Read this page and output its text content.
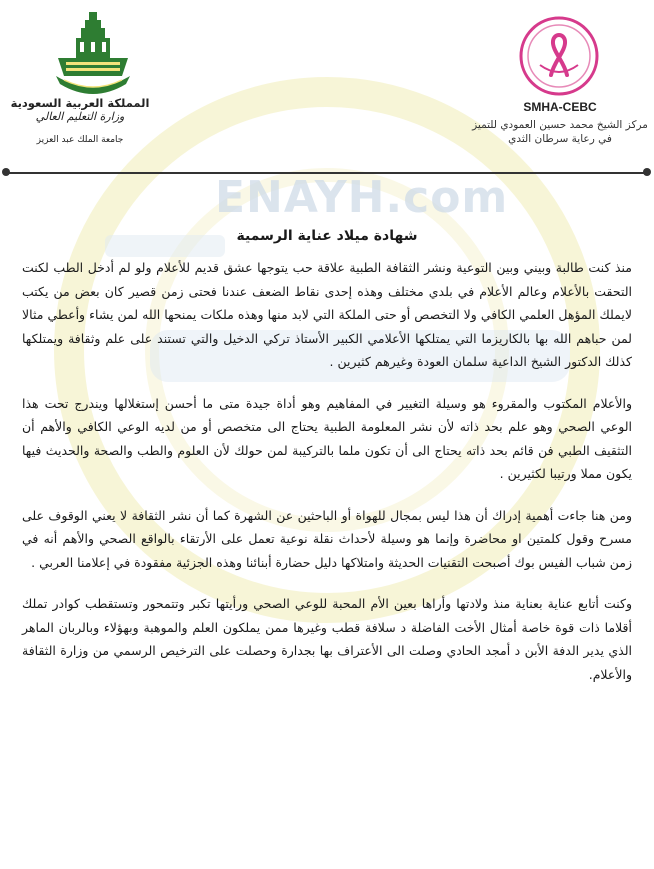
ENAYH.com
المملكة العربية السعودية
وزارة التعليم العالي
جامعة الملك عبد العزيز
SMHA-CEBC
مركز الشيخ محمد حسين العمودي للتميز
في رعاية سرطان الثدي
شهادة ميلاد عناية الرسمية

منذ كنت طالبة وبيني وبين التوعية ونشر الثقافة الطبية علاقة حب يتوجها عشق قديم للأعلام ولو لم أدخل الطب لكنت التحقت بالأعلام وعالم الأعلام في بلدي مختلف وهذه إحدى نقاط الضعف عندنا فحتى زمن قصير كان بعض من يكتب لايملك المؤهل العلمي الكافي ولا التخصص أو حتى الملكة التي لابد منها وهذه ملكات يمنحها الله لمن يشاء وأعطي مثالا لمن حباهم الله بها بالكاريزما التي يمتلكها الأعلامي الكبير الأستاذ تركي الدخيل والتي تستند على علم وثقافة ويمتلكها كذلك الدكتور الشيخ الداعية سلمان العودة وغيرهم كثيرين .

والأعلام المكتوب والمقروء هو وسيلة التغيير في المفاهيم وهو أداة جيدة متى ما أحسن إستغلالها ويندرج تحت هذا الوعي الصحي وهو علم بحد ذاته لأن نشر المعلومة الطبية يحتاج الى متخصص أو من لديه الوعي الكافي والأهم أن التثقيف الطبي فن قائم بحد ذاته يحتاج الى أن تكون ملما بالتركيبة لمن حولك لأن العلوم والطب والصحة والحديث فيها يكون مملا ورتيبا لكثيرين .

ومن هنا جاءت أهمية إدراك أن هذا ليس بمجال للهواة أو الباحثين عن الشهرة كما أن نشر الثقافة لا يعني الوقوف على مسرح وقول كلمتين او محاضرة وإنما هو وسيلة لأحداث نقلة نوعية تعمل على الأرتقاء بالواقع الصحي والأهم أنه في زمن شباب الفيس بوك أصبحت التقنيات الحديثة وامتلاكها دليل حضارة أبنائنا وهذه الجزئية مفقودة في إعلامنا العربي .

وكنت أتابع عناية بعناية منذ ولادتها وأراها بعين الأم المحبة للوعي الصحي ورأيتها تكبر وتتمحور وتستقطب كوادر تملك أقلاما ذات قوة خاصة أمثال الأخت الفاضلة د سلافة قطب وغيرها ممن يملكون العلم والموهبة وبهؤلاء وبالربان الماهر الذي يدير الدفة الأبن د أمجد الحادي وصلت الى الأعتراف بها بجدارة وحصلت على الترخيص الرسمي من وزارة الثقافة والأعلام.
